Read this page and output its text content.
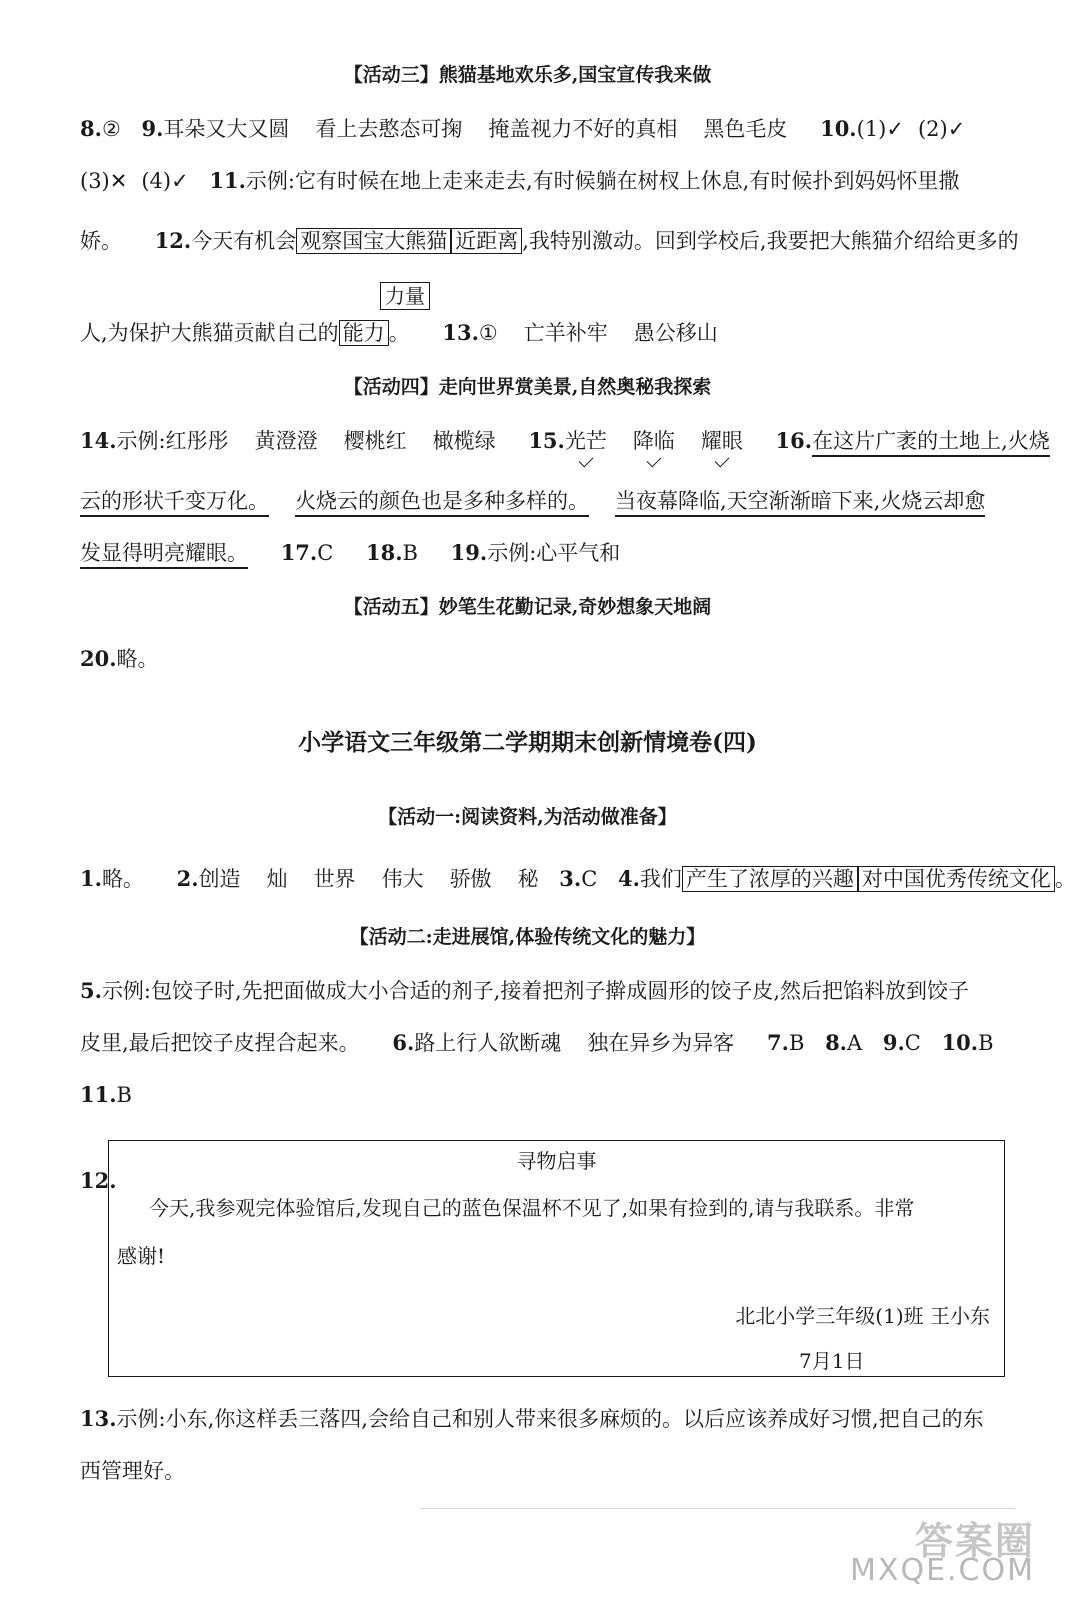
【活动三】熊猫基地欢乐多,国宝宣传我来做
8.② 9.耳朵又大又圆 看上去憨态可掬 掩盖视力不好的真相 黑色毛皮 10.(1)✓ (2)✓
(3)✕ (4)✓ 11.示例:它有时候在地上走来走去,有时候躺在树杈上休息,有时候扑到妈妈怀里撒
娇。 12.今天有机会 观察国宝大熊猫 近距离 ,我特别激动。回到学校后,我要把大熊猫介绍给更多的
力量
人,为保护大熊猫贡献自己的 能力 。 13.① 亡羊补牢 愚公移山
【活动四】走向世界赏美景,自然奥秘我探索
14.示例:红彤彤 黄澄澄 樱桃红 橄榄绿 15.光芒 降临 耀眼 16.在这片广袤的土地上,火烧
云的形状千变万化。 火烧云的颜色也是多种多样的。 当夜幕降临,天空渐渐暗下来,火烧云却愈
发显得明亮耀眼。 17.C 18.B 19.示例:心平气和
【活动五】妙笔生花勤记录,奇妙想象天地阔
20.略。
小学语文三年级第二学期期末创新情境卷(四)
【活动一:阅读资料,为活动做准备】
1.略。 2.创造 灿 世界 伟大 骄傲 秘 3.C 4.我们 产生了浓厚的兴趣 对中国优秀传统文化 。
【活动二:走进展馆,体验传统文化的魅力】
5.示例:包饺子时,先把面做成大小合适的剂子,接着把剂子擀成圆形的饺子皮,然后把馅料放到饺子
皮里,最后把饺子皮捏合起来。 6.路上行人欲断魂 独在异乡为异客 7.B 8.A 9.C 10.B
11.B
12.
寻物启事
今天,我参观完体验馆后,发现自己的蓝色保温杯不见了,如果有捡到的,请与我联系。非常
感谢!
北北小学三年级(1)班 王小东
7月1日
13.示例:小东,你这样丢三落四,会给自己和别人带来很多麻烦的。以后应该养成好习惯,把自己的东
西管理好。
答案圈
MXQE.COM
